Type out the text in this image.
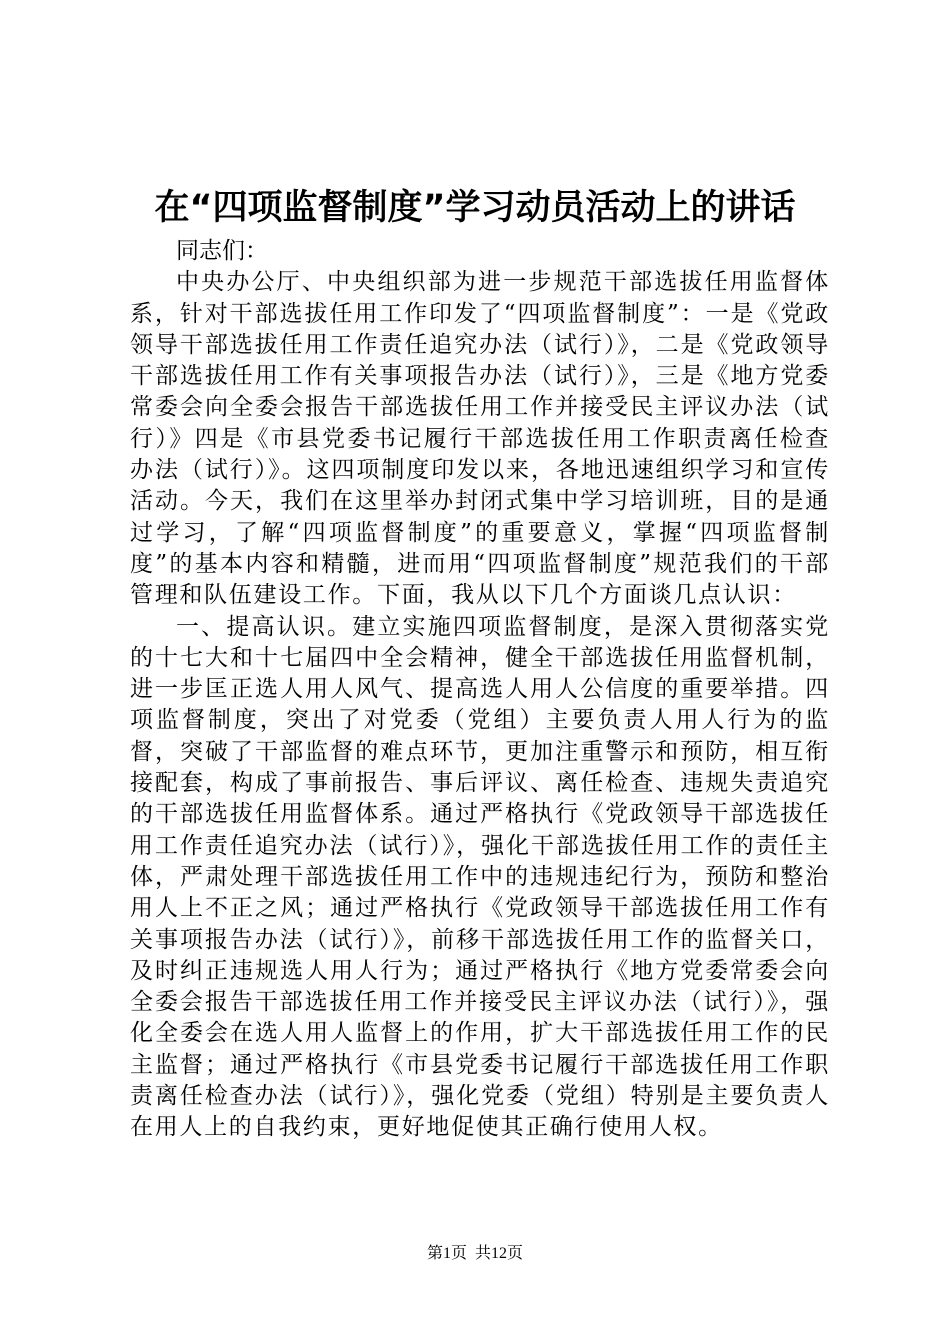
在“四项监督制度”学习动员活动上的讲话

同志们：

中央办公厅、中央组织部为进一步规范干部选拔任用监督体系，针对干部选拔任用工作印发了“四项监督制度”：一是《党政领导干部选拔任用工作责任追究办法（试行）》，二是《党政领导干部选拔任用工作有关事项报告办法（试行）》，三是《地方党委常委会向全委会报告干部选拔任用工作并接受民主评议办法（试行）》四是《市县党委书记履行干部选拔任用工作职责离任检查办法（试行）》。这四项制度印发以来，各地迅速组织学习和宣传活动。今天，我们在这里举办封闭式集中学习培训班，目的是通过学习，了解“四项监督制度”的重要意义，掌握“四项监督制度”的基本内容和精髓，进而用“四项监督制度”规范我们的干部管理和队伍建设工作。下面，我从以下几个方面谈几点认识：

一、提高认识。建立实施四项监督制度，是深入贯彻落实党的十七大和十七届四中全会精神，健全干部选拔任用监督机制，进一步匡正选人用人风气、提高选人用人公信度的重要举措。四项监督制度，突出了对党委（党组）主要负责人用人行为的监督，突破了干部监督的难点环节，更加注重警示和预防，相互衔接配套，构成了事前报告、事后评议、离任检查、违规失责追究的干部选拔任用监督体系。通过严格执行《党政领导干部选拔任用工作责任追究办法（试行）》，强化干部选拔任用工作的责任主体，严肃处理干部选拔任用工作中的违规违纪行为，预防和整治用人上不正之风；通过严格执行《党政领导干部选拔任用工作有关事项报告办法（试行）》，前移干部选拔任用工作的监督关口，及时纠正违规选人用人行为；通过严格执行《地方党委常委会向全委会报告干部选拔任用工作并接受民主评议办法（试行）》，强化全委会在选人用人监督上的作用，扩大干部选拔任用工作的民主监督；通过严格执行《市县党委书记履行干部选拔任用工作职责离任检查办法（试行）》，强化党委（党组）特别是主要负责人在用人上的自我约束，更好地促使其正确行使用人权。

第1页  共12页
